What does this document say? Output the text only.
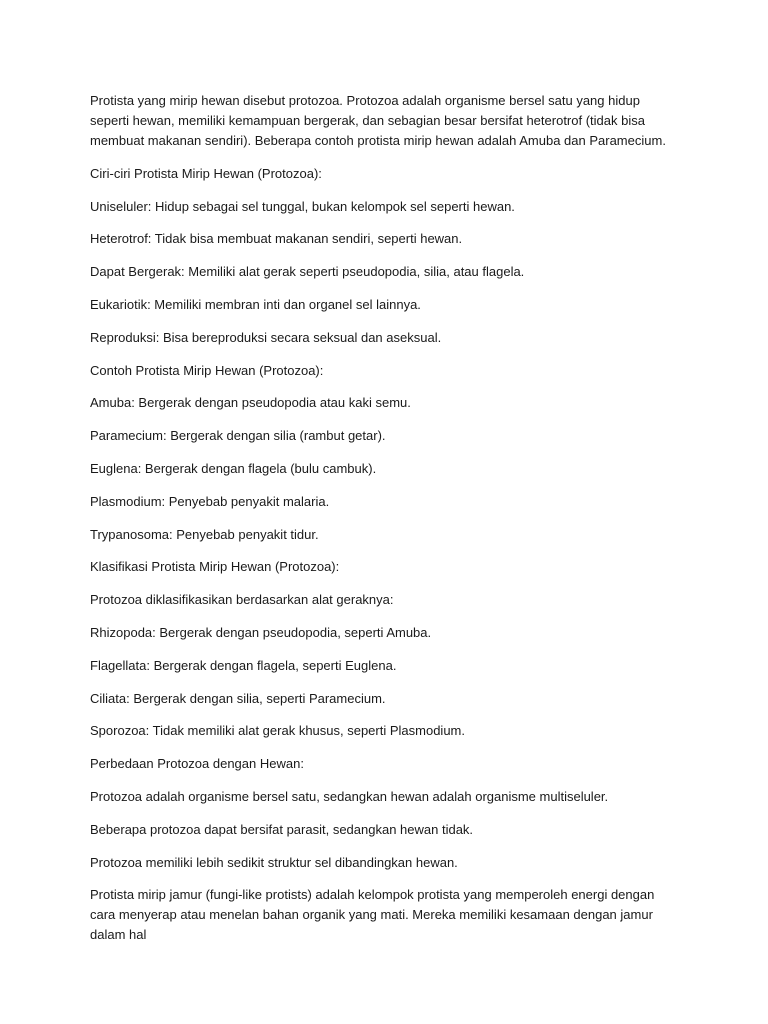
Protista yang mirip hewan disebut protozoa. Protozoa adalah organisme bersel satu yang hidup seperti hewan, memiliki kemampuan bergerak, dan sebagian besar bersifat heterotrof (tidak bisa membuat makanan sendiri). Beberapa contoh protista mirip hewan adalah Amuba dan Paramecium.

Ciri-ciri Protista Mirip Hewan (Protozoa):

Uniseluler: Hidup sebagai sel tunggal, bukan kelompok sel seperti hewan.

Heterotrof: Tidak bisa membuat makanan sendiri, seperti hewan.

Dapat Bergerak: Memiliki alat gerak seperti pseudopodia, silia, atau flagela.

Eukariotik: Memiliki membran inti dan organel sel lainnya.

Reproduksi: Bisa bereproduksi secara seksual dan aseksual.

Contoh Protista Mirip Hewan (Protozoa):

Amuba: Bergerak dengan pseudopodia atau kaki semu.

Paramecium: Bergerak dengan silia (rambut getar).

Euglena: Bergerak dengan flagela (bulu cambuk).

Plasmodium: Penyebab penyakit malaria.

Trypanosoma: Penyebab penyakit tidur.

Klasifikasi Protista Mirip Hewan (Protozoa):

Protozoa diklasifikasikan berdasarkan alat geraknya:

Rhizopoda: Bergerak dengan pseudopodia, seperti Amuba.

Flagellata: Bergerak dengan flagela, seperti Euglena.

Ciliata: Bergerak dengan silia, seperti Paramecium.

Sporozoa: Tidak memiliki alat gerak khusus, seperti Plasmodium.

Perbedaan Protozoa dengan Hewan:

Protozoa adalah organisme bersel satu, sedangkan hewan adalah organisme multiseluler.

Beberapa protozoa dapat bersifat parasit, sedangkan hewan tidak.

Protozoa memiliki lebih sedikit struktur sel dibandingkan hewan.

Protista mirip jamur (fungi-like protists) adalah kelompok protista yang memperoleh energi dengan cara menyerap atau menelan bahan organik yang mati. Mereka memiliki kesamaan dengan jamur dalam hal
